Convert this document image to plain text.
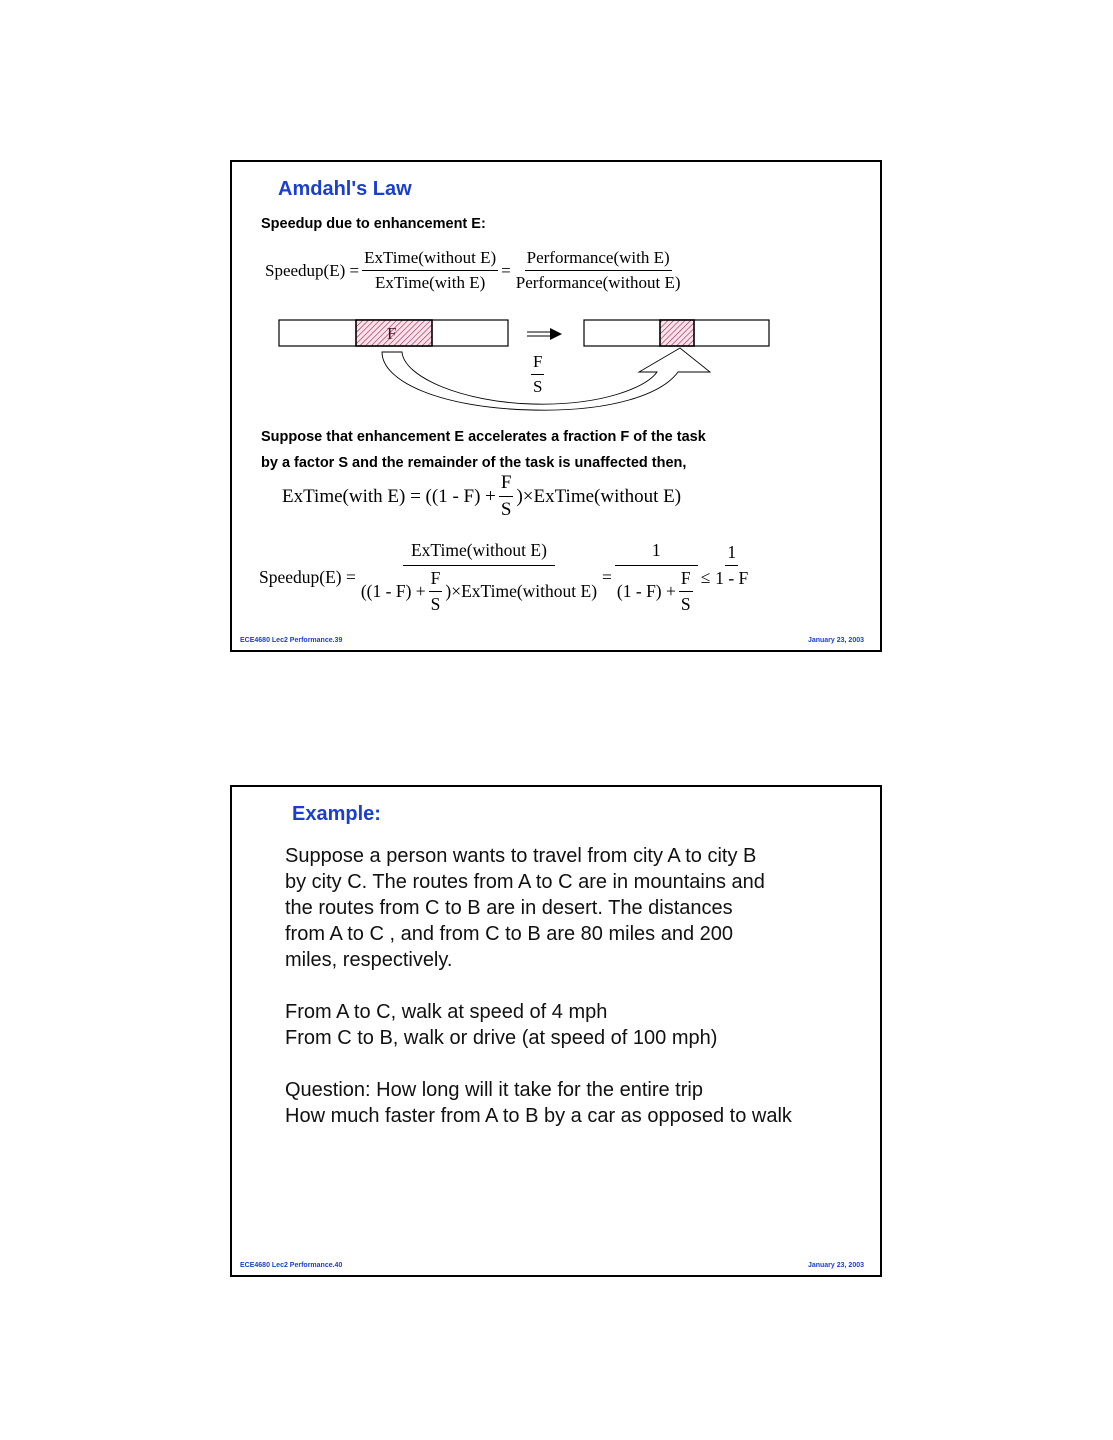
Amdahl's Law
Speedup due to enhancement E:
Speedup(E) = $\frac{\text{ExTime(without E)}}{\text{ExTime(with E)}} = \frac{\text{Performance(with E)}}{\text{Performance(without E)}}$
F
$\frac{F}{S}$
Suppose that enhancement E accelerates a fraction F of the task
by a factor S and the remainder of the task is unaffected then,
ExTime(with $E) = ((1 - F) + \frac{F}{S}$ )×ExTime(without E)
Speedup(E) =
ExTime(without E)
($(1 - F) + \frac{F}{S}$ )×ExTime(without E)
= $\frac{1}{(1 - F) + \frac{F}{S}} \le \frac{1}{1 - F}$
ECE4680 Lec2 Performance.39	January 23, 2003
Example:
Suppose a person wants to travel from city A to city B
by city C. The routes from A to C are in mountains and
the routes from C to B are in desert. The distances
from A to C , and from C to B are 80 miles and 200
miles, respectively.
From A to C, walk at speed of 4 mph
From C to B, walk or drive (at speed of 100 mph)
Question: How long will it take for the entire trip
How much faster from A to B by a car as opposed to walk
ECE4680 Lec2 Performance.40	January 23, 2003
